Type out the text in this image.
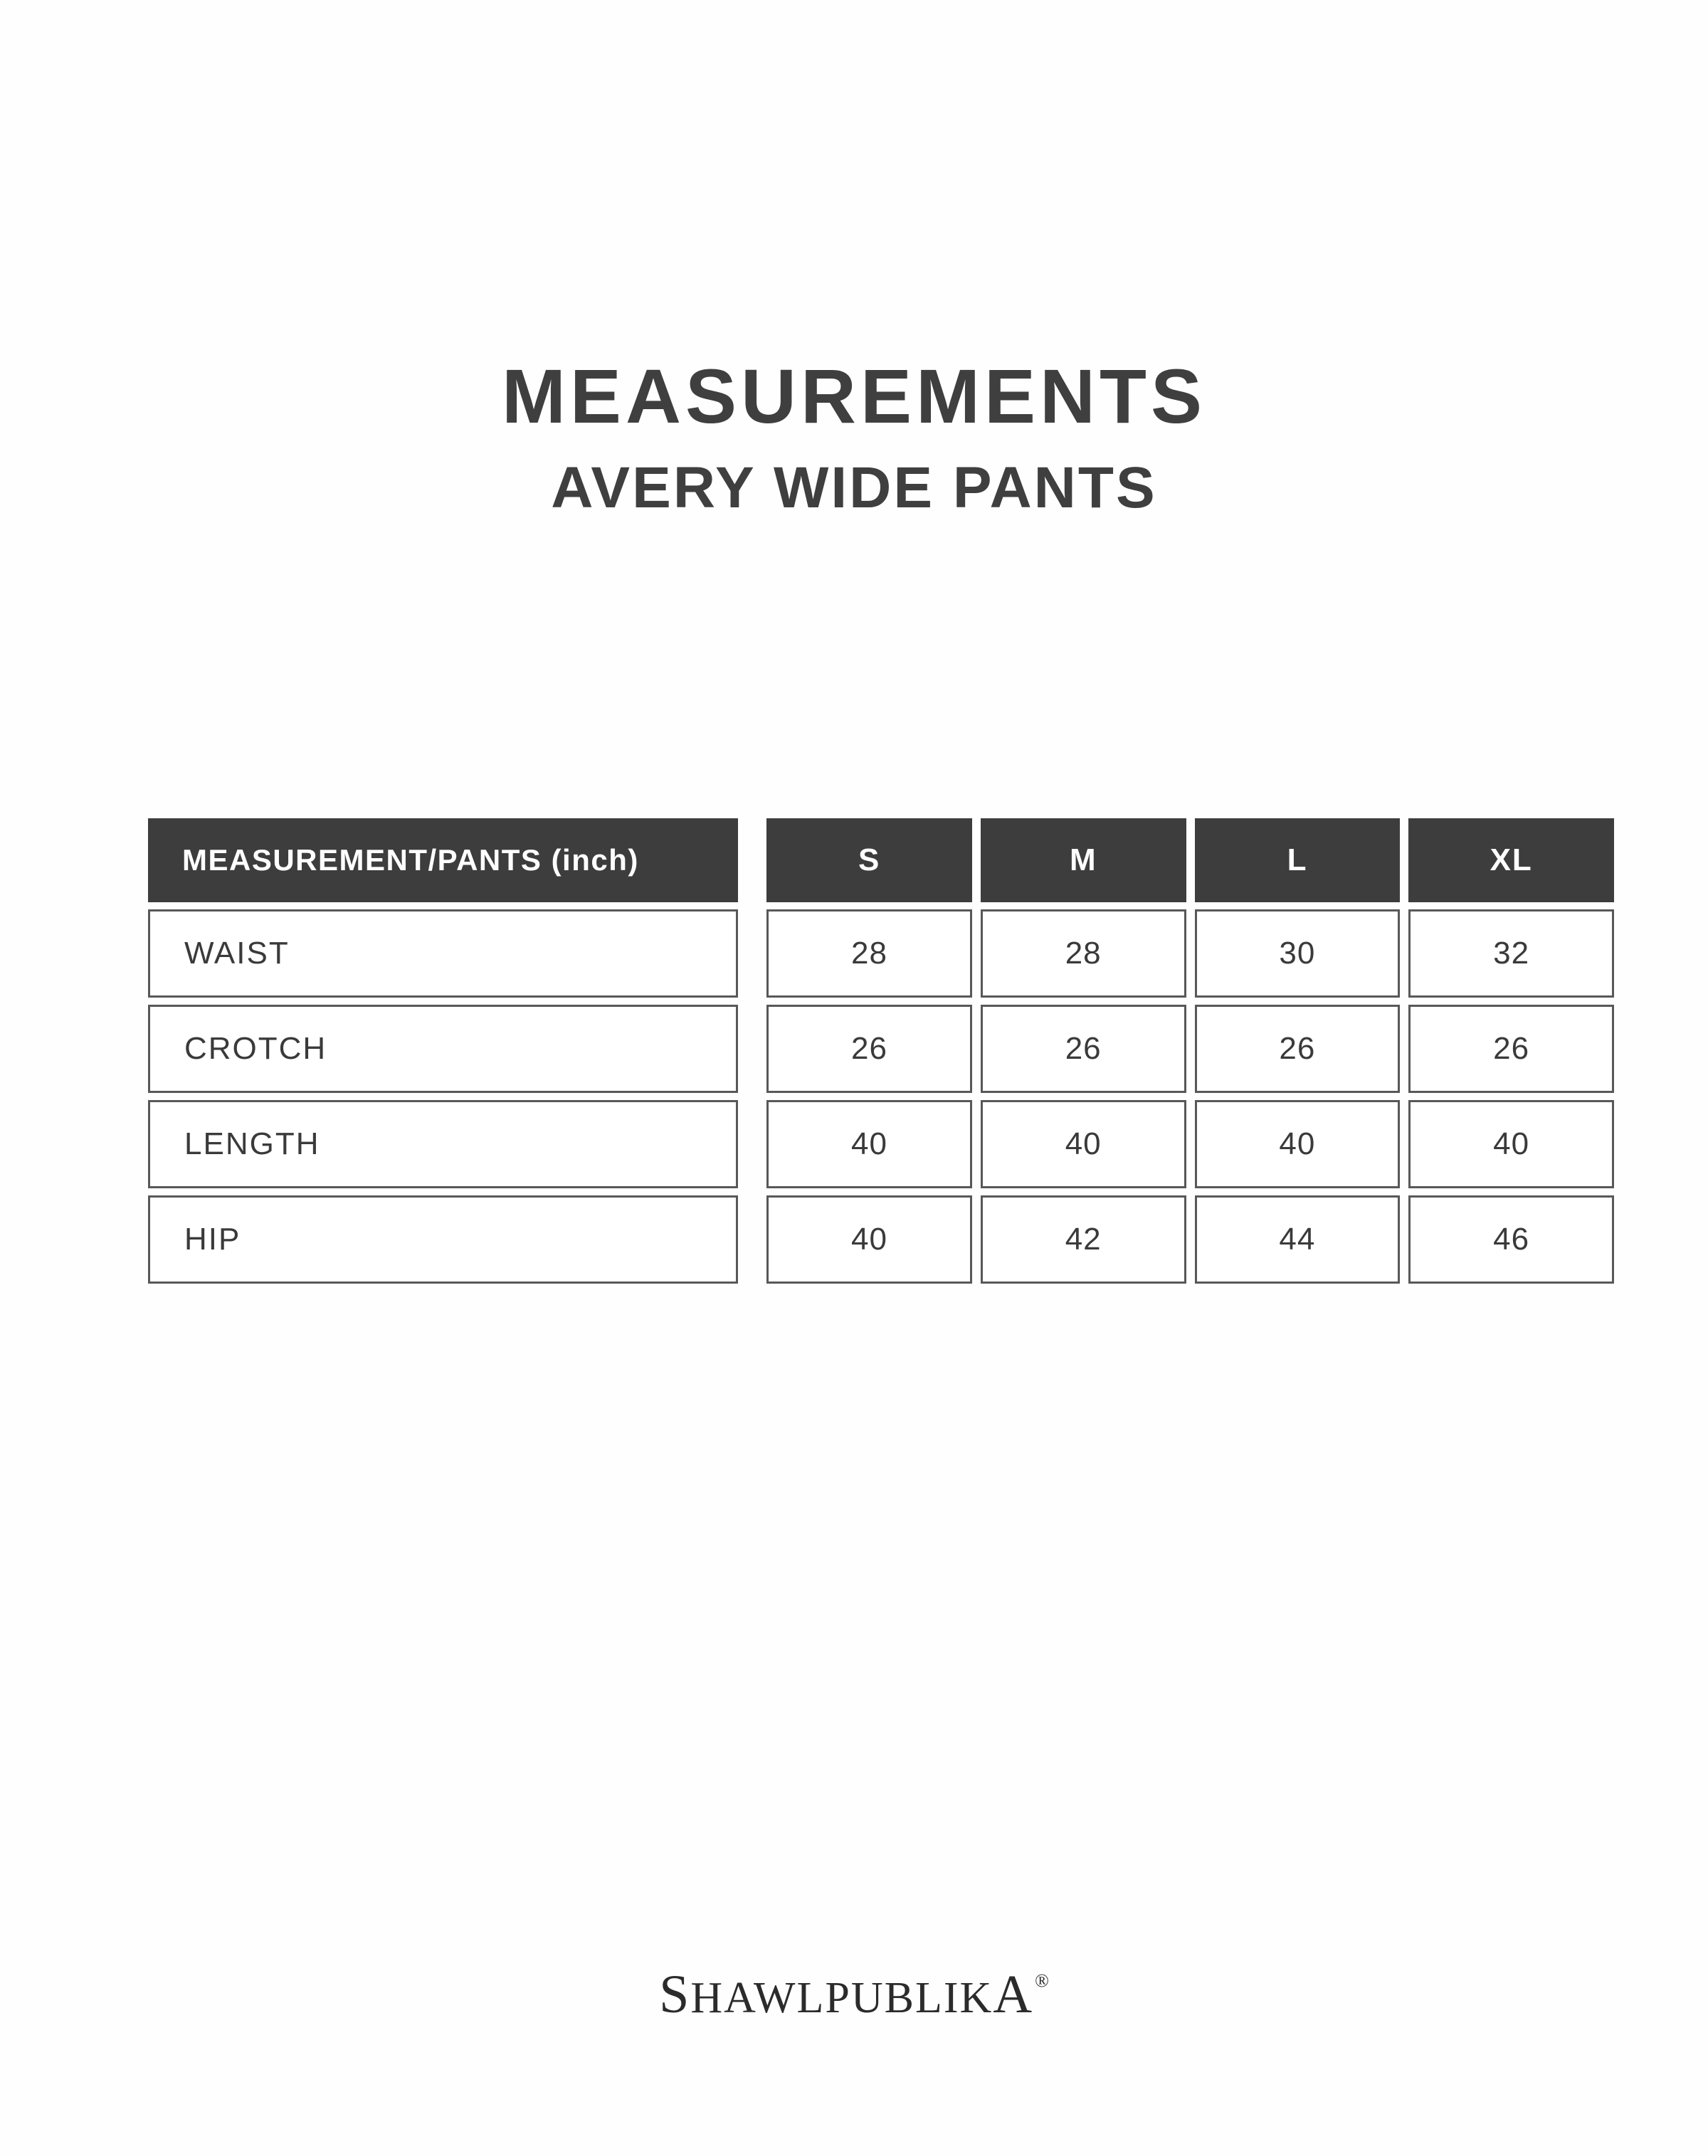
MEASUREMENTS
AVERY WIDE PANTS
MEASUREMENT/PANTS (inch)	S	M	L	XL
WAIST	28	28	30	32
CROTCH	26	26	26	26
LENGTH	40	40	40	40
HIP	40	42	44	46
SHAWLPUBLIKA®
